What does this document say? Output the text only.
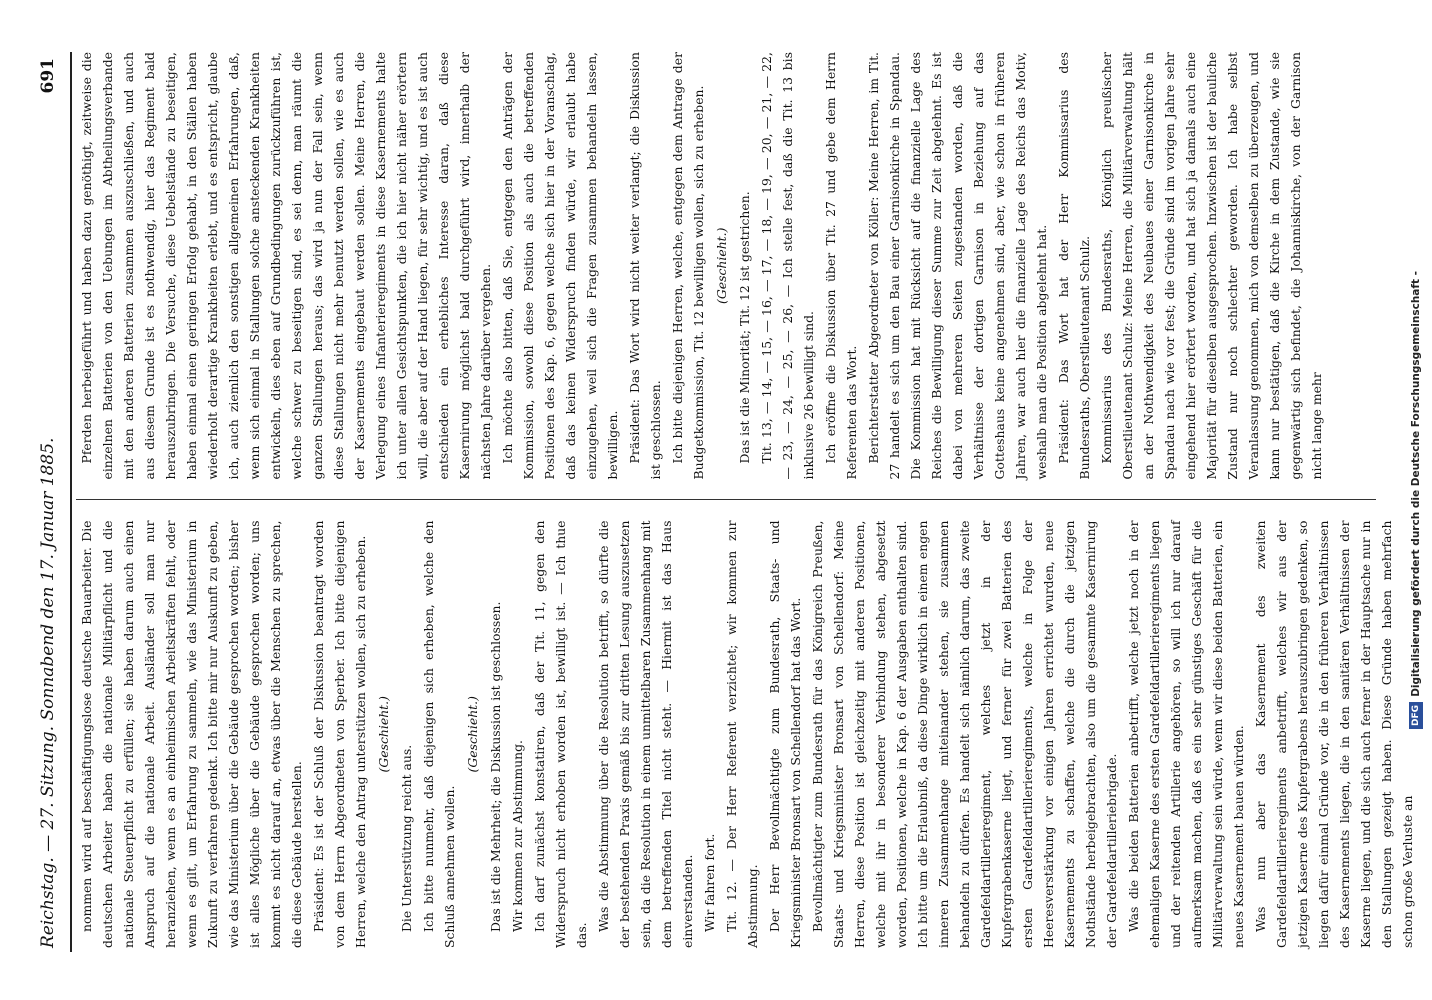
Reichstag. — 27. Sitzung. Sonnabend den 17. Januar 1885.
691

nommen wird auf beschäftigungslose deutsche Bauarbeiter. Die deutschen Arbeiter haben die nationale Militärpflicht und die nationale Steuerpflicht zu erfüllen; sie haben darum auch einen Anspruch auf die nationale Arbeit. Ausländer soll man nur heranziehen, wenn es an einheimischen Arbeitskräften fehlt, oder wenn es gilt, um Erfahrung zu sammeln, wie das Ministerium in Zukunft zu verfahren gedenkt. Ich bitte mir nur Auskunft zu geben, wie das Ministerium über die Gebäude gesprochen worden; bisher ist alles Mögliche über die Gebäude gesprochen worden; uns kommt es nicht darauf an, etwas über die Menschen zu sprechen, die diese Gebäude herstellen. Präsident: Es ist der Schluß der Diskussion beantragt worden von dem Herrn Abgeordneten von Sperber. Ich bitte diejenigen Herren, welche den Antrag unterstützen wollen, sich zu erheben. (Geschieht.)

Die Unterstützung reicht aus. Ich bitte nunmehr, daß diejenigen sich erheben, welche den Schluß annehmen wollen.

(Geschieht.) Das ist die Mehrheit; die Diskussion ist geschlossen. Wir kommen zur Abstimmung. Ich darf zunächst konstatiren, daß der Tit. 11, gegen den Widerspruch nicht erhoben worden ist, bewilligt ist. — Ich thue das.

Was die Abstimmung über die Resolution betrifft, so dürfte die der bestehenden Praxis gemäß bis zur dritten Lesung auszusetzen sein, da die Resolution in einem unmittelbaren Zusammenhang mit dem betreffenden Titel nicht steht. — Hiermit ist das Haus einverstanden. Wir fahren fort. Tit. 12. — Der Herr Referent verzichtet; wir kommen zur Abstimmung. Der Herr Bevollmächtigte zum Bundesrath, Staats- und Kriegsminister Bronsart von Schellendorf hat das Wort. Bevollmächtigter zum Bundesrath für das Königreich Preußen, Staats- und Kriegsminister Bronsart von Schellendorf: Meine Herren, diese Position ist gleichzeitig mit anderen Positionen, welche mit ihr in besonderer Verbindung stehen, abgesetzt worden, Positionen, welche in Kap. 6 der Ausgaben enthalten sind. Ich bitte um die Erlaubniß, da diese Dinge wirklich in einem engen inneren Zusammenhange miteinander stehen, sie zusammen behandeln zu dürfen. Es handelt sich nämlich darum, das zweite Gardefeldartillerieregiment, welches jetzt in der Kupfergrabenkaserne liegt, und ferner für zwei Batterien des ersten Gardefeldartillerieregiments, welche in Folge der Heeresverstärkung vor einigen Jahren errichtet wurden, neue Kasernements zu schaffen, welche die durch die jetzigen Nothstände herbeigebrachten, also um die gesammte Kasernirung der Gardefeldartilleriebrigade. Was die beiden Batterien anbetrifft, welche jetzt noch in der ehemaligen Kaserne des ersten Gardefeldartillerieregiments liegen und der reitenden Artillerie angehören, so will ich nur darauf aufmerksam machen, daß es ein sehr günstiges Geschäft für die Militärverwaltung sein würde, wenn wir diese beiden Batterien, ein neues Kasernement bauen würden. Was nun aber das Kasernement des zweiten Gardefeldartillerieregiments anbetrifft, welches wir aus der jetzigen Kaserne des Kupfergrabens herauszubringen gedenken, so liegen dafür einmal Gründe vor, die in den früheren Verhältnissen des Kasernements liegen, die in den sanitären Verhältnissen der Kaserne liegen, und die sich auch ferner in der Hauptsache nur in den Stallungen gezeigt haben. Diese Gründe haben mehrfach schon große Verluste an

Pferden herbeigeführt und haben dazu genöthigt, zeitweise die einzelnen Batterien von den Uebungen im Abtheilungsverbande mit den anderen Batterien zusammen auszuschließen, und auch aus diesem Grunde ist es nothwendig, hier das Regiment bald herauszubringen. Die Versuche, diese Uebelstände zu beseitigen, haben einmal einen geringen Erfolg gehabt, in den Ställen haben wiederholt derartige Krankheiten erlebt, und es entspricht, glaube ich, auch ziemlich den sonstigen allgemeinen Erfahrungen, daß, wenn sich einmal in Stallungen solche ansteckenden Krankheiten entwickeln, dies eben auf Grundbedingungen zurückzuführen ist, welche schwer zu beseitigen sind, es sei denn, man räumt die ganzen Stallungen heraus; das wird ja nun der Fall sein, wenn diese Stallungen nicht mehr benutzt werden sollen, wie es auch der Kasernements eingebaut werden sollen. Meine Herren, die Verlegung eines Infanterieregiments in diese Kasernements halte ich unter allen Gesichtspunkten, die ich hier nicht näher erörtern will, die aber auf der Hand liegen, für sehr wichtig, und es ist auch entschieden ein erhebliches Interesse daran, daß diese Kasernirung möglichst bald durchgeführt wird, innerhalb der nächsten Jahre darüber vergehen. Ich möchte also bitten, daß Sie, entgegen den Anträgen der Kommission, sowohl diese Position als auch die betreffenden Positionen des Kap. 6, gegen welche sich hier in der Voranschlag, daß das keinen Widerspruch finden würde, wir erlaubt habe einzugehen, weil sich die Fragen zusammen behandeln lassen, bewilligen. Präsident: Das Wort wird nicht weiter verlangt; die Diskussion ist geschlossen. Ich bitte diejenigen Herren, welche, entgegen dem Antrage der Budgetkommission, Tit. 12 bewilligen wollen, sich zu erheben. (Geschieht.) Das ist die Minorität; Tit. 12 ist gestrichen. Tit. 13, — 14, — 15, — 16, — 17, — 18, — 19, — 20, — 21, — 22, — 23, — 24, — 25, — 26, — Ich stelle fest, daß die Tit. 13 bis inklusive 26 bewilligt sind. Ich eröffne die Diskussion über Tit. 27 und gebe dem Herrn Referenten das Wort. Berichterstatter Abgeordneter von Köller: Meine Herren, im Tit. 27 handelt es sich um den Bau einer Garnisonkirche in Spandau. Die Kommission hat mit Rücksicht auf die finanzielle Lage des Reiches die Bewilligung dieser Summe zur Zeit abgelehnt. Es ist dabei von mehreren Seiten zugestanden worden, daß die Verhältnisse der dortigen Garnison in Beziehung auf das Gotteshaus keine angenehmen sind, aber, wie schon in früheren Jahren, war auch hier die finanzielle Lage des Reichs das Motiv, weshalb man die Position abgelehnt hat. Präsident: Das Wort hat der Herr Kommissarius des Bundesraths, Oberstlieutenant Schulz. Kommissarius des Bundesraths, Königlich preußischer Oberstlieutenant Schulz: Meine Herren, die Militärverwaltung hält an der Nothwendigkeit des Neubaues einer Garnisonkirche in Spandau nach wie vor fest; die Gründe sind im vorigen Jahre sehr eingehend hier erörtert worden, und hat sich ja damals auch eine Majorität für dieselben ausgesprochen. Inzwischen ist der bauliche Zustand nur noch schlechter geworden. Ich habe selbst Veranlassung genommen, mich von demselben zu überzeugen, und kann nur bestätigen, daß die Kirche in dem Zustande, wie sie gegenwärtig sich befindet, die Johanniskirche, von der Garnison nicht lange mehr	Digitalisierung gefördert durch die Deutsche Forschungsgemeinschaft -
DFG
